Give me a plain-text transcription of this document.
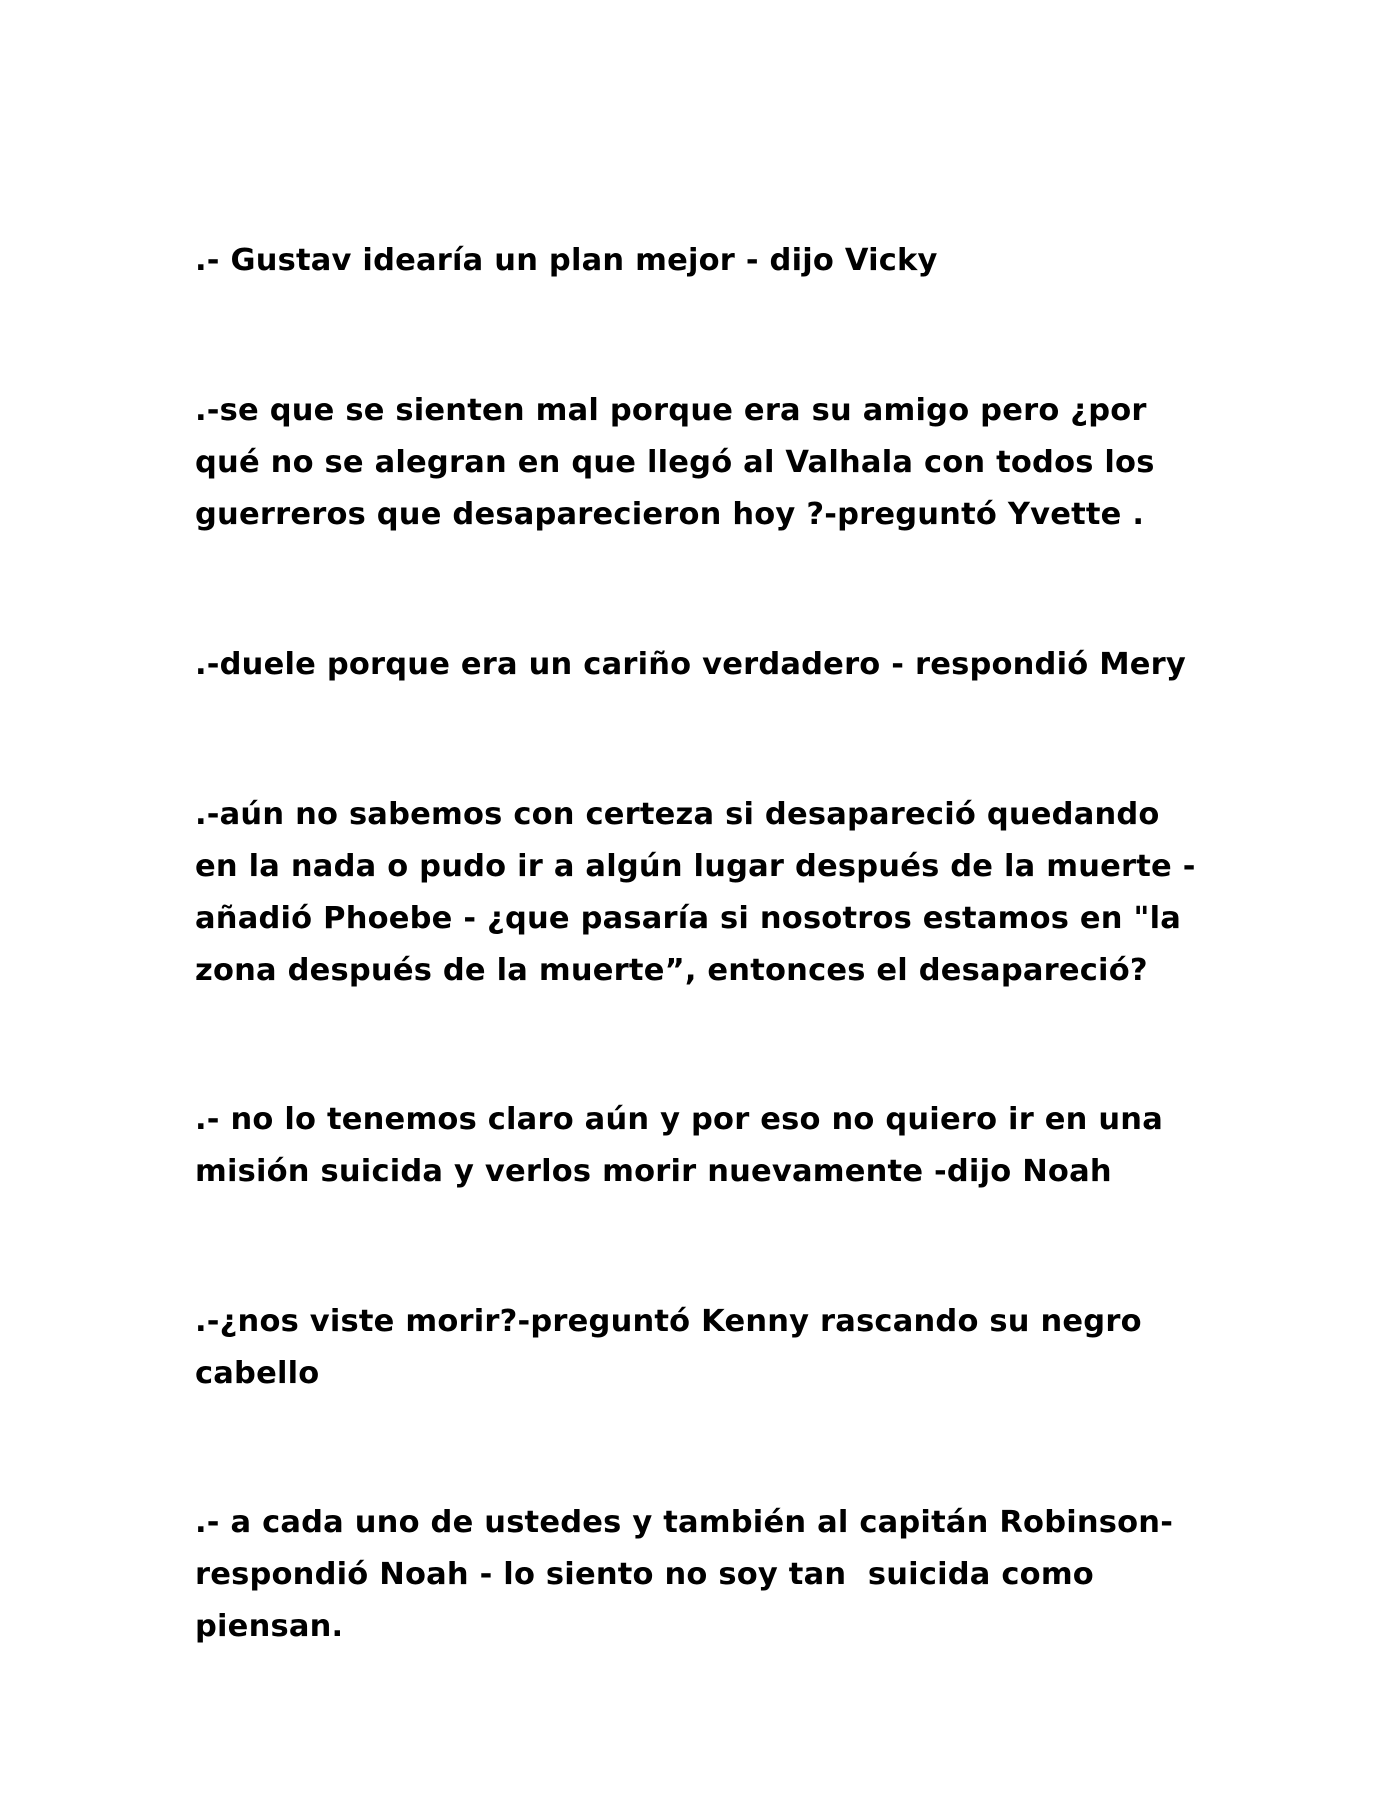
.- Gustav idearía un plan mejor - dijo Vicky

.-se que se sienten mal porque era su amigo pero ¿por
qué no se alegran en que llegó al Valhala con todos los
guerreros que desaparecieron hoy ?-preguntó Yvette .

.-duele porque era un cariño verdadero - respondió Mery

.-aún no sabemos con certeza si desapareció quedando
en la nada o pudo ir a algún lugar después de la muerte -
añadió Phoebe - ¿que pasaría si nosotros estamos en "la
zona después de la muerte”, entonces el desapareció?

.- no lo tenemos claro aún y por eso no quiero ir en una
misión suicida y verlos morir nuevamente -dijo Noah

.-¿nos viste morir?-preguntó Kenny rascando su negro
cabello

.- a cada uno de ustedes y también al capitán Robinson-
respondió Noah - lo siento no soy tan  suicida como
piensan.
